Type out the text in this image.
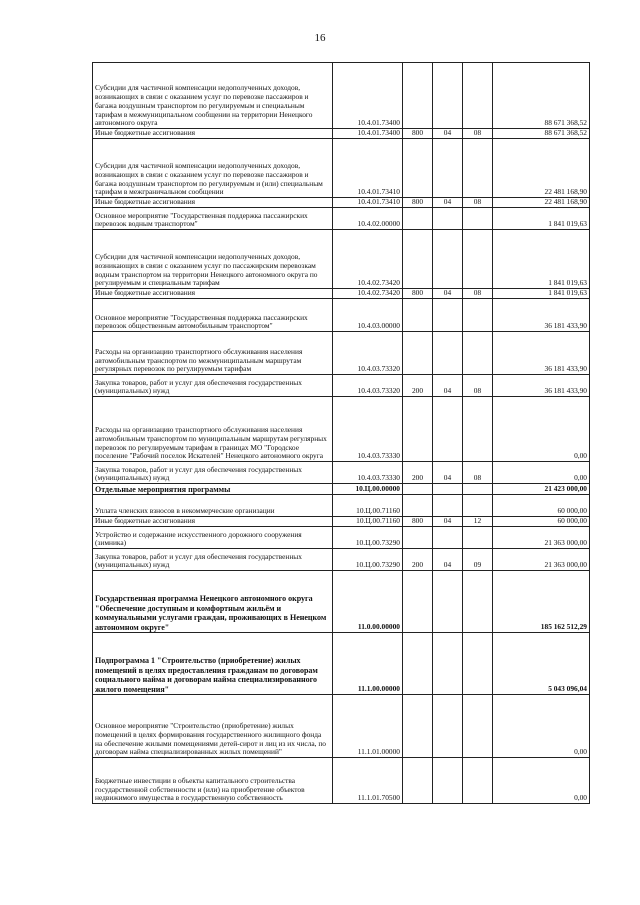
16
Субсидии для частичной компенсации недополученных доходов, возникающих в связи с оказанием услуг по перевозке пассажиров и багажа воздушным транспортом по регулируемым и специальным тарифам в межмуниципальном сообщении на территории Ненецкого автономного округа	10.4.01.73400				88 671 368,52
Иные бюджетные ассигнования	10.4.01.73400	800	04	08	88 671 368,52
Субсидии для частичной компенсации недополученных доходов, возникающих в связи с оказанием услуг по перевозке пассажиров и багажа воздушным транспортом по регулируемым и (или) специальным тарифам в межграничальном сообщении	10.4.01.73410				22 481 168,90
Иные бюджетные ассигнования	10.4.01.73410	800	04	08	22 481 168,90
Основное мероприятие "Государственная поддержка пассажирских перевозок водным транспортом"	10.4.02.00000				1 841 019,63
Субсидии для частичной компенсации недополученных доходов, возникающих в связи с оказанием услуг по пассажирским перевозкам водным транспортом на территории Ненецкого автономного округа по регулируемым и специальным тарифам	10.4.02.73420				1 841 019,63
Иные бюджетные ассигнования	10.4.02.73420	800	04	08	1 841 019,63
Основное мероприятие "Государственная поддержка пассажирских перевозок общественным автомобильным транспортом"	10.4.03.00000				36 181 433,90
Расходы на организацию транспортного обслуживания населения автомобильным транспортом по межмуниципальным маршрутам регулярных перевозок по регулируемым тарифам	10.4.03.73320				36 181 433,90
Закупка товаров, работ и услуг для обеспечения государственных (муниципальных) нужд	10.4.03.73320	200	04	08	36 181 433,90
Расходы на организацию транспортного обслуживания населения автомобильным транспортом по муниципальным маршрутам регулярных перевозок по регулируемым тарифам в границах МО "Городское поселение "Рабочий поселок Искателей" Ненецкого автономного округа	10.4.03.73330				0,00
Закупка товаров, работ и услуг для обеспечения государственных (муниципальных) нужд	10.4.03.73330	200	04	08	0,00
Отдельные мероприятия программы	10.Ц.00.00000				21 423 000,00
Уплата членских взносов в некоммерческие организации	10.Ц.00.71160				60 000,00
Иные бюджетные ассигнования	10.Ц.00.71160	800	04	12	60 000,00
Устройство и содержание искусственного дорожного сооружения (зимника)	10.Ц.00.73290				21 363 000,00
Закупка товаров, работ и услуг для обеспечения государственных (муниципальных) нужд	10.Ц.00.73290	200	04	09	21 363 000,00
Государственная программа Ненецкого автономного округа "Обеспечение доступным и комфортным жильём и коммунальными услугами граждан, проживающих в Ненецком автономном округе"	11.0.00.00000				185 162 512,29
Подпрограмма 1 "Строительство (приобретение) жилых помещений в целях предоставления гражданам по договорам социального найма и договорам найма специализированного жилого помещения"	11.1.00.00000				5 043 096,04
Основное мероприятие "Строительство (приобретение) жилых помещений в целях формирования государственного жилищного фонда на обеспечение жилыми помещениями детей-сирот и лиц из их числа, по договорам найма специализированных жилых помещений"	11.1.01.00000				0,00
Бюджетные инвестиции в объекты капитального строительства государственной собственности и (или) на приобретение объектов недвижимого имущества в государственную собственность	11.1.01.70500				0,00
